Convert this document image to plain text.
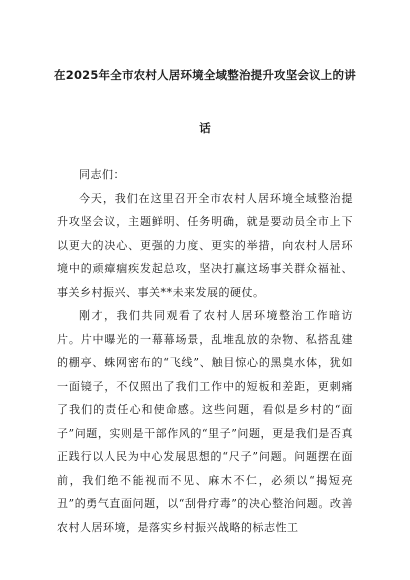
在2025年全市农村人居环境全域整治提升攻坚会议上的讲
话

同志们：

今天，我们在这里召开全市农村人居环境全域整治提升攻坚会议，主题鲜明、任务明确，就是要动员全市上下以更大的决心、更强的力度、更实的举措，向农村人居环境中的顽瘴痼疾发起总攻，坚决打赢这场事关群众福祉、事关乡村振兴、事关**未来发展的硬仗。

刚才，我们共同观看了农村人居环境整治工作暗访片。片中曝光的一幕幕场景，乱堆乱放的杂物、私搭乱建的棚亭、蛛网密布的“飞线”、触目惊心的黑臭水体，犹如一面镜子，不仅照出了我们工作中的短板和差距，更刺痛了我们的责任心和使命感。这些问题，看似是乡村的“面子”问题，实则是干部作风的“里子”问题，更是我们是否真正践行以人民为中心发展思想的“尺子”问题。问题摆在面前，我们绝不能视而不见、麻木不仁，必须以“揭短亮丑”的勇气直面问题，以“刮骨疗毒”的决心整治问题。改善农村人居环境，是落实乡村振兴战略的标志性工
